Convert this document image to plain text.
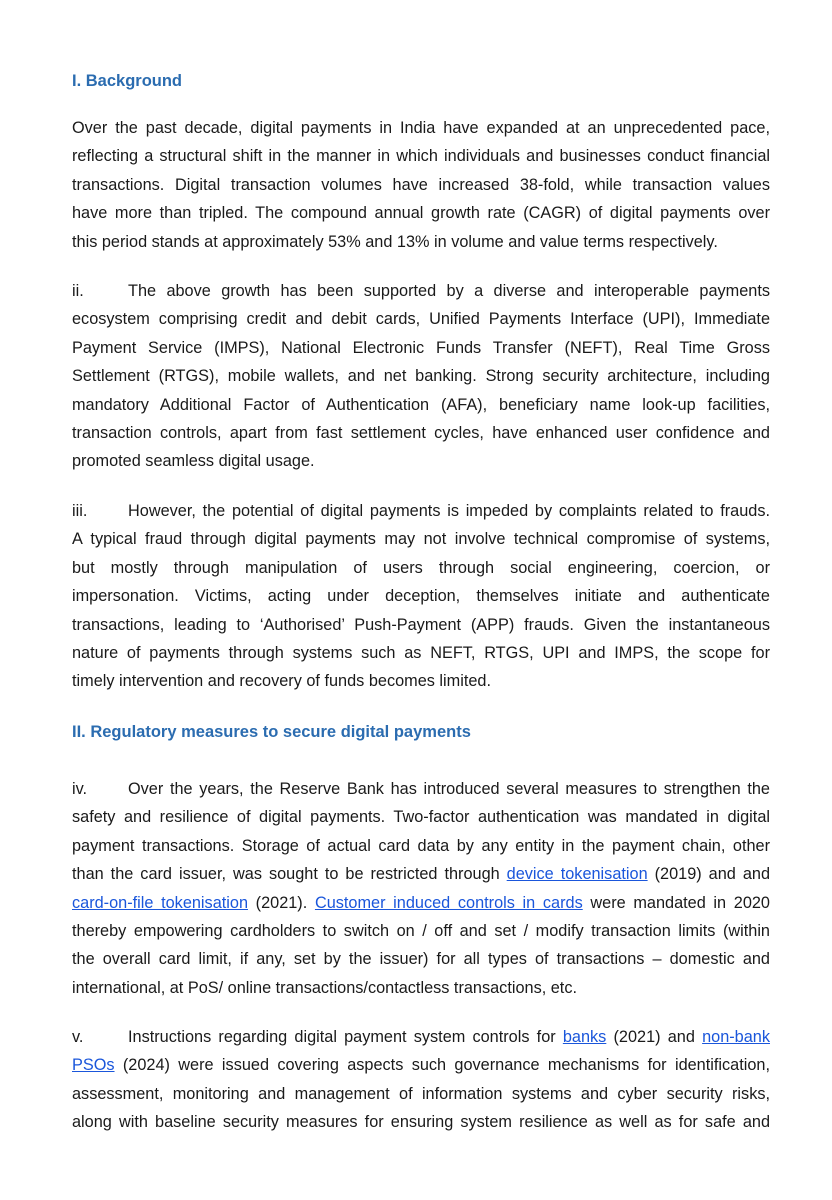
I. Background

Over the past decade, digital payments in India have expanded at an unprecedented pace,
reflecting a structural shift in the manner in which individuals and businesses conduct financial
transactions. Digital transaction volumes have increased 38-fold, while transaction values
have more than tripled. The compound annual growth rate (CAGR) of digital payments over
this period stands at approximately 53% and 13% in volume and value terms respectively.

ii.	The above growth has been supported by a diverse and interoperable payments
ecosystem comprising credit and debit cards, Unified Payments Interface (UPI), Immediate
Payment Service (IMPS), National Electronic Funds Transfer (NEFT), Real Time Gross
Settlement (RTGS), mobile wallets, and net banking. Strong security architecture, including
mandatory Additional Factor of Authentication (AFA), beneficiary name look-up facilities,
transaction controls, apart from fast settlement cycles, have enhanced user confidence and
promoted seamless digital usage.

iii. However, the potential of digital payments is impeded by complaints related to frauds.
A typical fraud through digital payments may not involve technical compromise of systems,
but mostly through manipulation of users through social engineering, coercion, or
impersonation. Victims, acting under deception, themselves initiate and authenticate
transactions, leading to ‘Authorised’ Push-Payment (APP) frauds. Given the instantaneous
nature of payments through systems such as NEFT, RTGS, UPI and IMPS, the scope for
timely intervention and recovery of funds becomes limited.

II. Regulatory measures to secure digital payments

iv.	Over the years, the Reserve Bank has introduced several measures to strengthen the
safety and resilience of digital payments. Two-factor authentication was mandated in digital
payment transactions. Storage of actual card data by any entity in the payment chain, other
than the card issuer, was sought to be restricted through device tokenisation (2019) and and
card-on-file tokenisation (2021). Customer induced controls in cards were mandated in 2020
thereby empowering cardholders to switch on / off and set / modify transaction limits (within
the overall card limit, if any, set by the issuer) for all types of transactions – domestic and
international, at PoS/ online transactions/contactless transactions, etc.

v.	Instructions regarding digital payment system controls for banks (2021) and non-bank
PSOs (2024) were issued covering aspects such governance mechanisms for identification,
assessment, monitoring and management of information systems and cyber security risks,
along with baseline security measures for ensuring system resilience as well as for safe and
